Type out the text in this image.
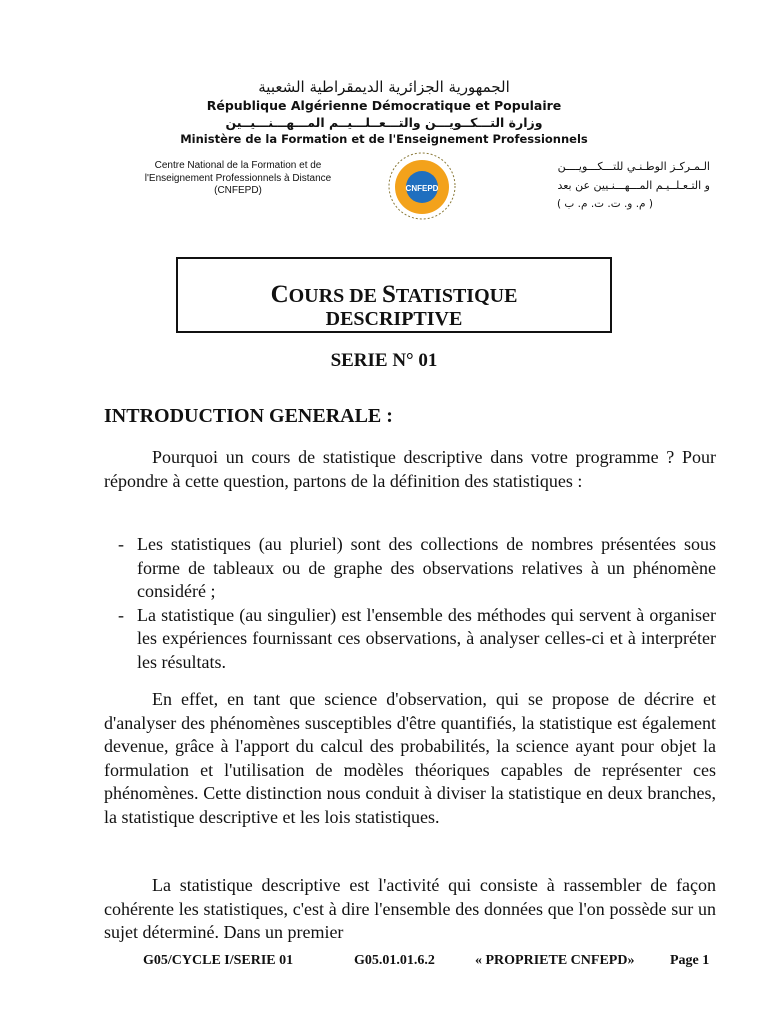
الجمهورية الجزائرية الديمقراطية الشعبية
République Algérienne Démocratique et Populaire
وزارة التـــكــويـــن والتـــعــلـــيــم المـــهـــنـــيــين
Ministère de la Formation et de l'Enseignement Professionnels
Centre National de la Formation et de
l'Enseignement Professionnels à Distance
(CNFEPD)	CNFEPD
الـمـركـز الوطـنـي للتـــكـــويــــن
و التـعـلــيـم المـــهـــنـيين عن بعد
( م. و. ت. ت. م. ب )
COURS DE STATISTIQUE
DESCRIPTIVE
SERIE N° 01
INTRODUCTION GENERALE :

Pourquoi un cours de statistique descriptive dans votre programme ? Pour répondre à cette question, partons de la définition des statistiques :

- Les statistiques (au pluriel) sont des collections de nombres présentées sous forme de tableaux ou de graphe des observations relatives à un phénomène considéré ;
- La statistique (au singulier) est l'ensemble des méthodes qui servent à organiser les expériences fournissant ces observations, à analyser celles-ci et à interpréter les résultats.

En effet, en tant que science d'observation, qui se propose de décrire et d'analyser des phénomènes susceptibles d'être quantifiés, la statistique est également devenue, grâce à l'apport du calcul des probabilités, la science ayant pour objet la formulation et l'utilisation de modèles théoriques capables de représenter ces phénomènes. Cette distinction nous conduit à diviser la statistique en deux branches, la statistique descriptive et les lois statistiques.

La statistique descriptive est l'activité qui consiste à rassembler de façon cohérente les statistiques, c'est à dire l'ensemble des données que l'on possède sur un sujet déterminé. Dans un premier

G05/CYCLE I/SERIE 01	G05.01.01.6.2	« PROPRIETE CNFEPD»	Page 1
